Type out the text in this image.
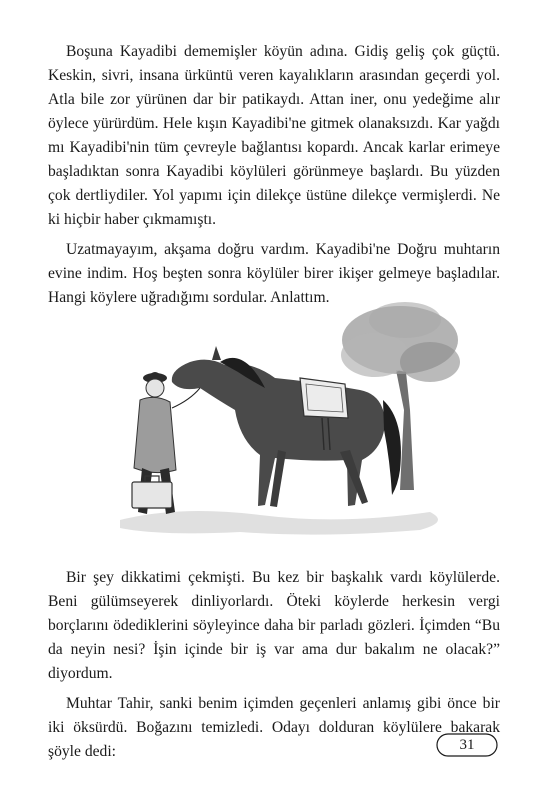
Boşuna Kayadibi dememişler köyün adına. Gidiş geliş çok güçtü. Keskin, sivri, insana ürküntü veren kayalıkların arasından geçerdi yol. Atla bile zor yürünen dar bir patikaydı. Attan iner, onu yedeğime alır öylece yürürdüm. Hele kışın Kayadibi'ne gitmek olanaksızdı. Kar yağdı mı Kayadibi'nin tüm çevreyle bağlantısı kopardı. Ancak karlar erimeye başladıktan sonra Kayadibi köylüleri görünmeye başlardı. Bu yüzden çok dertliydiler. Yol yapımı için dilekçe üstüne dilekçe vermişlerdi. Ne ki hiçbir haber çıkmamıştı.

Uzatmayayım, akşama doğru vardım. Kayadibi'ne Doğru muhtarın evine indim. Hoş beşten sonra köylüler birer ikişer gelmeye başladılar. Hangi köylere uğradığımı sordular. Anlattım.

Bir şey dikkatimi çekmişti. Bu kez bir başkalık vardı köylülerde. Beni gülümseyerek dinliyorlardı. Öteki köylerde herkesin vergi borçlarını ödediklerini söyleyince daha bir parladı gözleri. İçimden “Bu da neyin nesi? İşin içinde bir iş var ama dur bakalım ne olacak?” diyordum.

Muhtar Tahir, sanki benim içimden geçenleri anlamış gibi önce bir iki öksürdü. Boğazını temizledi. Odayı dolduran köylülere bakarak şöyle dedi:	31
